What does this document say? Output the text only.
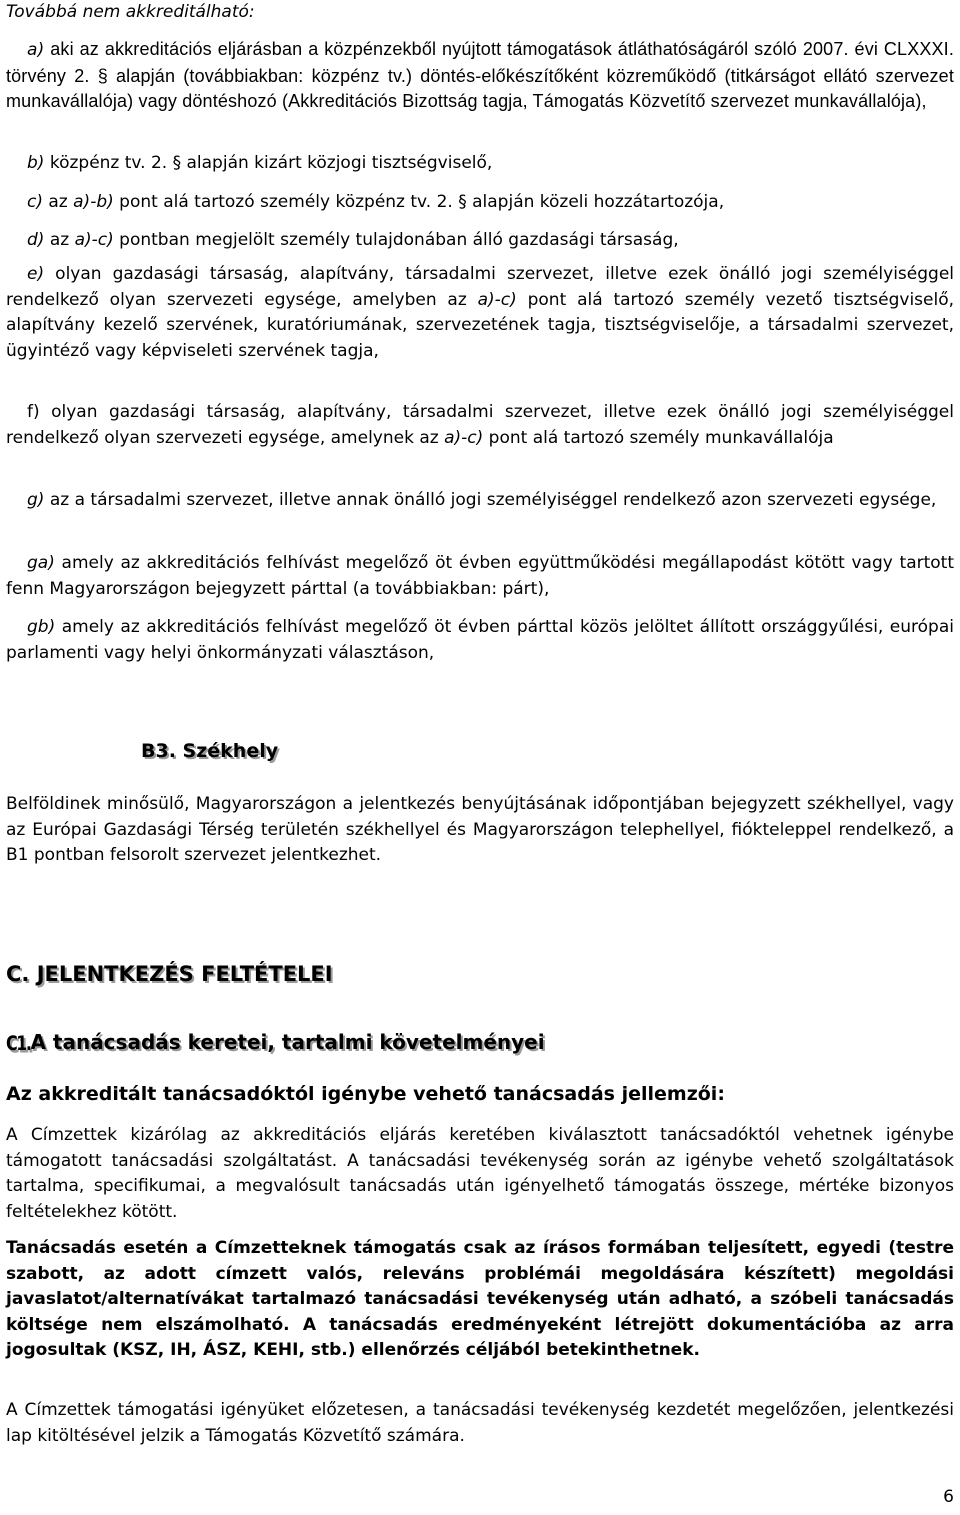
Továbbá nem akkreditálható:

a) aki az akkreditációs eljárásban a közpénzekből nyújtott támogatások átláthatóságáról szóló 2007. évi CLXXXI. törvény 2. § alapján (továbbiakban: közpénz tv.) döntés-előkészítőként közreműködő (titkárságot ellátó szervezet munkavállalója) vagy döntéshozó (Akkreditációs Bizottság tagja, Támogatás Közvetítő szervezet munkavállalója),

b) közpénz tv. 2. § alapján kizárt közjogi tisztségviselő,

c) az a)-b) pont alá tartozó személy közpénz tv. 2. § alapján közeli hozzátartozója,

d) az a)-c) pontban megjelölt személy tulajdonában álló gazdasági társaság,

e) olyan gazdasági társaság, alapítvány, társadalmi szervezet, illetve ezek önálló jogi személyiséggel rendelkező olyan szervezeti egysége, amelyben az a)-c) pont alá tartozó személy vezető tisztségviselő, alapítvány kezelő szervének, kuratóriumának, szervezetének tagja, tisztségviselője, a társadalmi szervezet, ügyintéző vagy képviseleti szervének tagja,

f) olyan gazdasági társaság, alapítvány, társadalmi szervezet, illetve ezek önálló jogi személyiséggel rendelkező olyan szervezeti egysége, amelynek az a)-c) pont alá tartozó személy munkavállalója

g) az a társadalmi szervezet, illetve annak önálló jogi személyiséggel rendelkező azon szervezeti egysége,

ga) amely az akkreditációs felhívást megelőző öt évben együttműködési megállapodást kötött vagy tartott fenn Magyarországon bejegyzett párttal (a továbbiakban: párt),

gb) amely az akkreditációs felhívást megelőző öt évben párttal közös jelöltet állított országgyűlési, európai parlamenti vagy helyi önkormányzati választáson,

B3. Székhely

Belföldinek minősülő, Magyarországon a jelentkezés benyújtásának időpontjában bejegyzett székhellyel, vagy az Európai Gazdasági Térség területén székhellyel és Magyarországon telephellyel, fiókteleppel rendelkező, a B1 pontban felsorolt szervezet jelentkezhet.

C. JELENTKEZÉS FELTÉTELEI
C1.A tanácsadás keretei, tartalmi követelményei
Az akkreditált tanácsadóktól igénybe vehető tanácsadás jellemzői:

A Címzettek kizárólag az akkreditációs eljárás keretében kiválasztott tanácsadóktól vehetnek igénybe támogatott tanácsadási szolgáltatást. A tanácsadási tevékenység során az igénybe vehető szolgáltatások tartalma, specifikumai, a megvalósult tanácsadás után igényelhető támogatás összege, mértéke bizonyos feltételekhez kötött.

Tanácsadás esetén a Címzetteknek támogatás csak az írásos formában teljesített, egyedi (testre szabott, az adott címzett valós, releváns problémái megoldására készített) megoldási javaslatot/alternatívákat tartalmazó tanácsadási tevékenység után adható, a szóbeli tanácsadás költsége nem elszámolható. A tanácsadás eredményeként létrejött dokumentációba az arra jogosultak (KSZ, IH, ÁSZ, KEHI, stb.) ellenőrzés céljából betekinthetnek.

A Címzettek támogatási igényüket előzetesen, a tanácsadási tevékenység kezdetét megelőzően, jelentkezési lap kitöltésével jelzik a Támogatás Közvetítő számára.

6
